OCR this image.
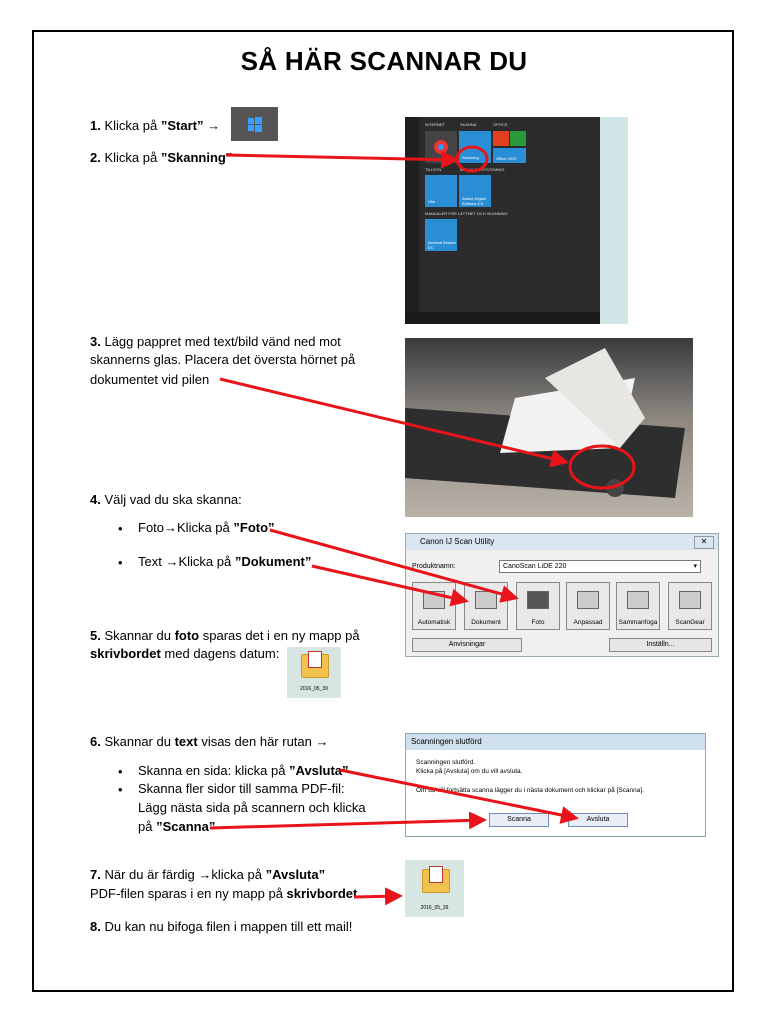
SÅ HÄR SCANNAR DU
1. Klicka på ”Start” →
2. Klicka på ”Skanning”
INTERNET	SKANNA	OFFICE
Skanning	Office 2019
TILLSYN	BOK ALAN SYSTEMING
Vita
Adobe Digital Editions 4.5
MANUALER FÖR LÄTTHET OCH SKANNING
Acrobat Reader DC
3. Lägg pappret med text/bild vänd ned mot
skannerns glas. Placera det översta hörnet på
dokumentet vid pilen
4. Välj vad du ska skanna:
• Foto→Klicka på ”Foto”
• Text →Klicka på ”Dokument”
Canon IJ Scan Utility	✕
Produktnamn:	CanoScan LiDE 220	▾
Automatisk	Dokument	Foto	Anpassad	Sammanfoga	ScanGear
Anvisningar	Inställn...
5. Skannar du foto sparas det i en ny mapp på
skrivbordet med dagens datum:
2016_05_39
6. Skannar du text visas den här rutan →
• Skanna en sida: klicka på ”Avsluta”
• Skanna fler sidor till samma PDF-fil:
Lägg nästa sida på scannern och klicka
på ”Scanna”
Scanningen slutförd
Scanningen slutförd.
Klicka på [Avsluta] om du vill avsluta.
Om du vill fortsätta scanna lägger du i nästa dokument och klickar på [Scanna].
Scanna	Avsluta
7. När du är färdig →klicka på ”Avsluta”
PDF-filen sparas i en ny mapp på skrivbordet
2016_05_39
8. Du kan nu bifoga filen i mappen till ett mail!
